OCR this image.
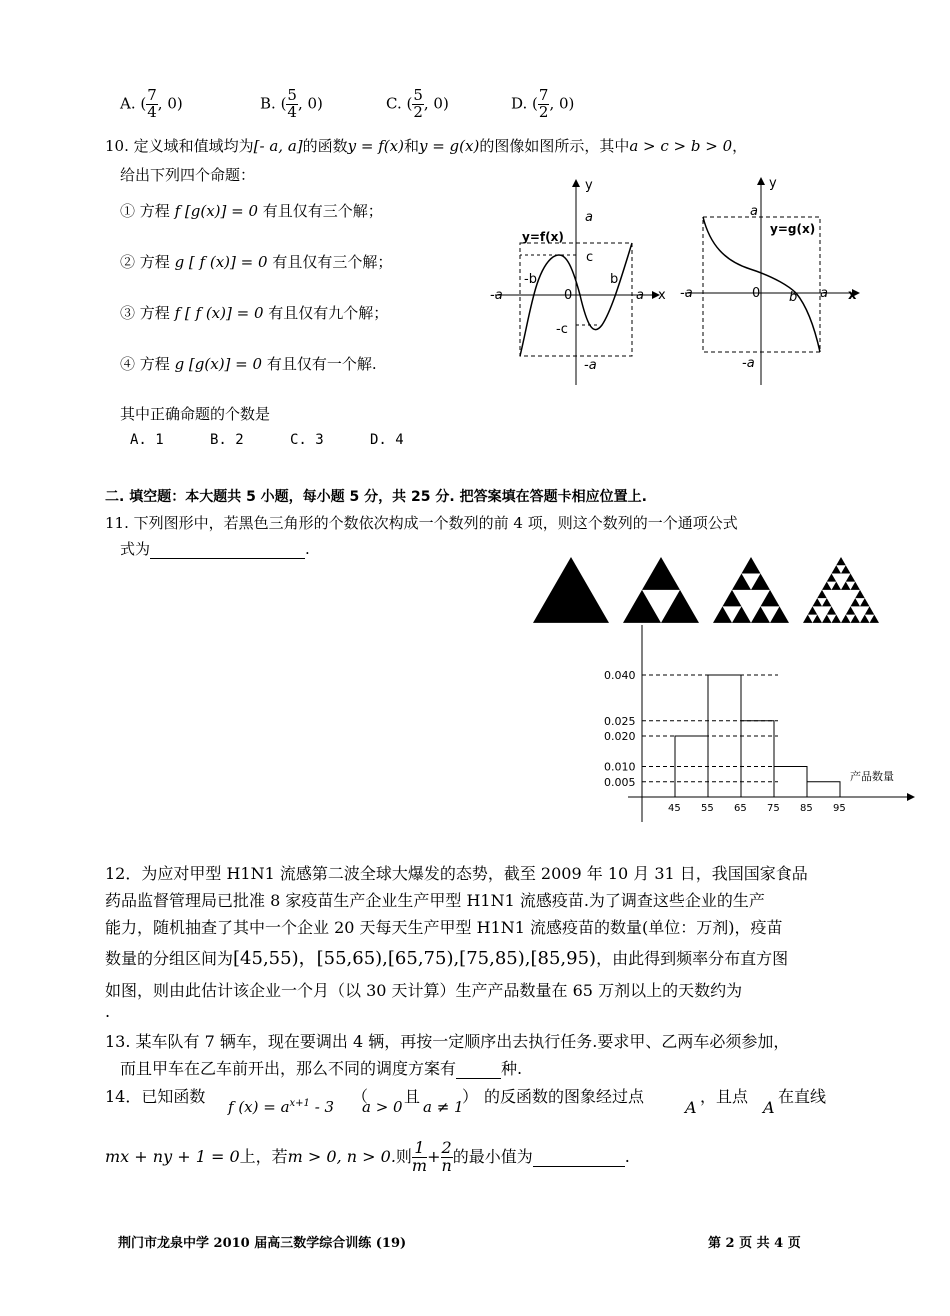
A. ( $\frac{7}{4}$ , 0)	B. ( $\frac{5}{4}$ , 0)	C. ( $\frac{5}{2}$ , 0)	D. ( $\frac{7}{2}$ , 0)
10. 定义域和值域均为[- a, a]的函数y = f(x)和y = g(x)的图像如图所示，其中a > c > b > 0，
给出下列四个命题：
① 方程 f [g(x)] = 0 有且仅有三个解；
② 方程 g [ f (x)] = 0 有且仅有三个解；
③ 方程 f [ f (x)] = 0 有且仅有九个解；
④ 方程 g [g(x)] = 0 有且仅有一个解.
其中正确命题的个数是
A. 1	B. 2	C. 3	D. 4
y
a
y=f(x)
c
-b	b
-a	0	a x
-c
-a
y
a
y=g(x)
-a	0 b a x
-a
二. 填空题：本大题共 5 小题，每小题 5 分，共 25 分. 把答案填在答题卡相应位置上.
11. 下列图形中，若黑色三角形的个数依次构成一个数列的前 4 项，则这个数列的一个通项公式
式为	.
0.040
0.025
0.020
0.010
0.005
45 55 65 75 85 95
产品数量
12．为应对甲型 H1N1 流感第二波全球大爆发的态势，截至 2009 年 10 月 31 日，我国国家食品
药品监督管理局已批准 8 家疫苗生产企业生产甲型 H1N1 流感疫苗.为了调查这些企业的生产
能力，随机抽查了其中一个企业 20 天每天生产甲型 H1N1 流感疫苗的数量(单位：万剂)，疫苗
数量的分组区间为[45,55)，[55,65),[65,75),[75,85),[85,95)，由此得到频率分布直方图
如图，则由此估计该企业一个月（以 30 天计算）生产产品数量在 65 万剂以上的天数约为
.
13. 某车队有 7 辆车，现在要调出 4 辆，再按一定顺序出去执行任务.要求甲、乙两车必须参加，
而且甲车在乙车前开出，那么不同的调度方案有	种.
14．已知函数
f $(x) = a^{x+1} - 3$
（
a > 0
且
a ≠ 1
） 的反函数的图象经过点
A
，且点
A
在直线
mx + ny + 1 = 0上，若m > 0, n > 0.则 $\frac{1}{m} + \frac{2}{n}$ 的最小值为	.
荆门市龙泉中学 2010 届高三数学综合训练 (19)	第 2 页 共 4 页
